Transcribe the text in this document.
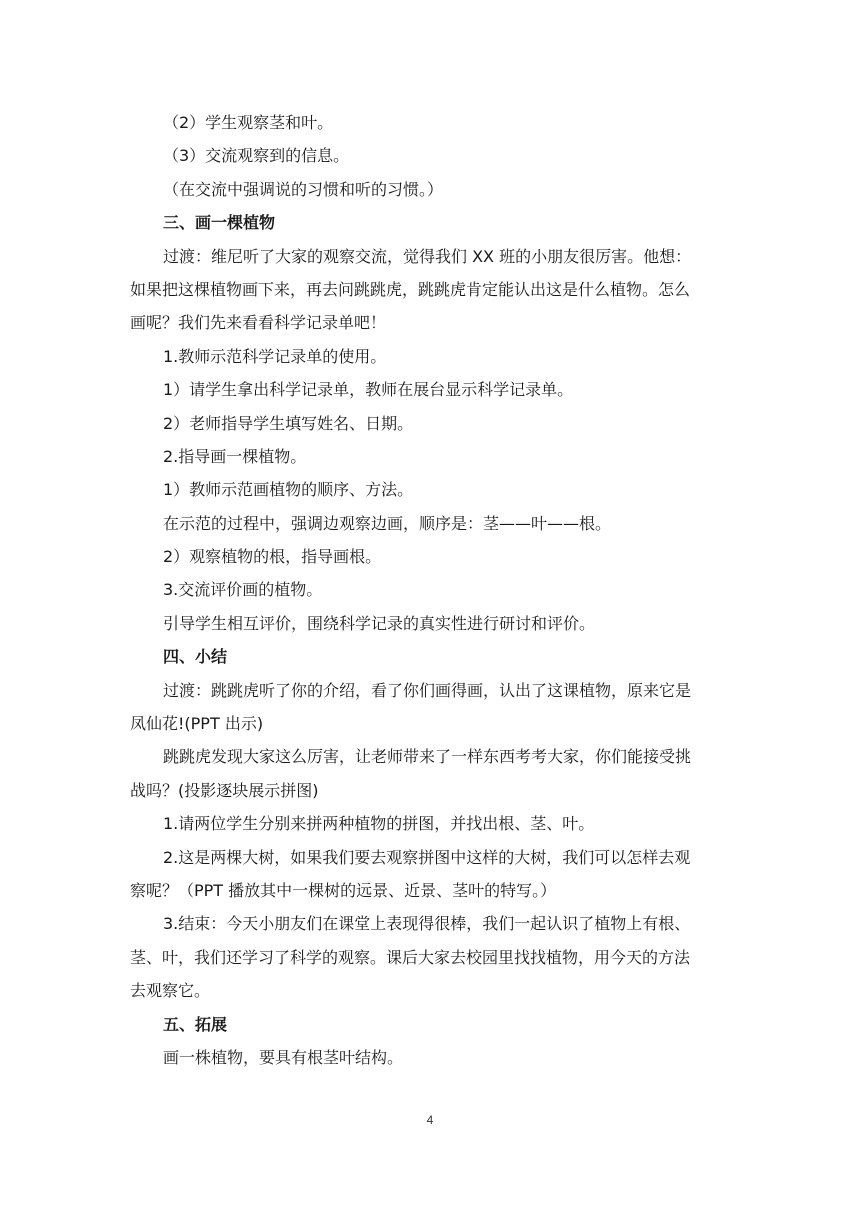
（2）学生观察茎和叶。

（3）交流观察到的信息。

（在交流中强调说的习惯和听的习惯。）

三、画一棵植物

过渡：维尼听了大家的观察交流，觉得我们 XX 班的小朋友很厉害。他想：

如果把这棵植物画下来，再去问跳跳虎，跳跳虎肯定能认出这是什么植物。怎么

画呢？我们先来看看科学记录单吧！

1.教师示范科学记录单的使用。

1）请学生拿出科学记录单，教师在展台显示科学记录单。

2）老师指导学生填写姓名、日期。

2.指导画一棵植物。

1）教师示范画植物的顺序、方法。

在示范的过程中，强调边观察边画，顺序是：茎——叶——根。

2）观察植物的根，指导画根。

3.交流评价画的植物。

引导学生相互评价，围绕科学记录的真实性进行研讨和评价。

四、小结

过渡：跳跳虎听了你的介绍，看了你们画得画，认出了这课植物，原来它是

凤仙花!(PPT 出示)

跳跳虎发现大家这么厉害，让老师带来了一样东西考考大家，你们能接受挑

战吗？(投影逐块展示拼图)

1.请两位学生分别来拼两种植物的拼图，并找出根、茎、叶。

2.这是两棵大树，如果我们要去观察拼图中这样的大树，我们可以怎样去观

察呢？（PPT 播放其中一棵树的远景、近景、茎叶的特写。）

3.结束：今天小朋友们在课堂上表现得很棒，我们一起认识了植物上有根、

茎、叶，我们还学习了科学的观察。课后大家去校园里找找植物，用今天的方法

去观察它。

五、拓展

画一株植物，要具有根茎叶结构。

4
